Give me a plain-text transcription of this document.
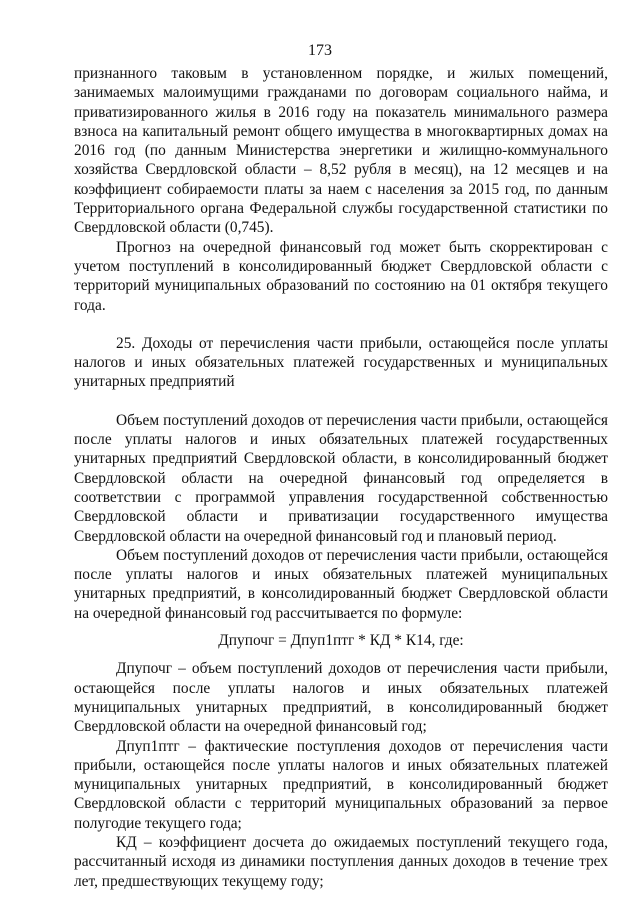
173

признанного таковым в установленном порядке, и жилых помещений, занимаемых малоимущими гражданами по договорам социального найма, и приватизированного жилья в 2016 году на показатель минимального размера взноса на капитальный ремонт общего имущества в многоквартирных домах на 2016 год (по данным Министерства энергетики и жилищно-коммунального хозяйства Свердловской области – 8,52 рубля в месяц), на 12 месяцев и на коэффициент собираемости платы за наем с населения за 2015 год, по данным Территориального органа Федеральной службы государственной статистики по Свердловской области (0,745).

Прогноз на очередной финансовый год может быть скорректирован с учетом поступлений в консолидированный бюджет Свердловской области с территорий муниципальных образований по состоянию на 01 октября текущего года.

25. Доходы от перечисления части прибыли, остающейся после уплаты налогов и иных обязательных платежей государственных и муниципальных унитарных предприятий

Объем поступлений доходов от перечисления части прибыли, остающейся после уплаты налогов и иных обязательных платежей государственных унитарных предприятий Свердловской области, в консолидированный бюджет Свердловской области на очередной финансовый год определяется в соответствии с программой управления государственной собственностью Свердловской области и приватизации государственного имущества Свердловской области на очередной финансовый год и плановый период.

Объем поступлений доходов от перечисления части прибыли, остающейся после уплаты налогов и иных обязательных платежей муниципальных унитарных предприятий, в консолидированный бюджет Свердловской области на очередной финансовый год рассчитывается по формуле:

Дпупочг = Дпуп1птг * КД * К14, где:

Дпупочг – объем поступлений доходов от перечисления части прибыли, остающейся после уплаты налогов и иных обязательных платежей муниципальных унитарных предприятий, в консолидированный бюджет Свердловской области на очередной финансовый год;

Дпуп1птг – фактические поступления доходов от перечисления части прибыли, остающейся после уплаты налогов и иных обязательных платежей муниципальных унитарных предприятий, в консолидированный бюджет Свердловской области с территорий муниципальных образований за первое полугодие текущего года;

КД – коэффициент досчета до ожидаемых поступлений текущего года, рассчитанный исходя из динамики поступления данных доходов в течение трех лет, предшествующих текущему году;
